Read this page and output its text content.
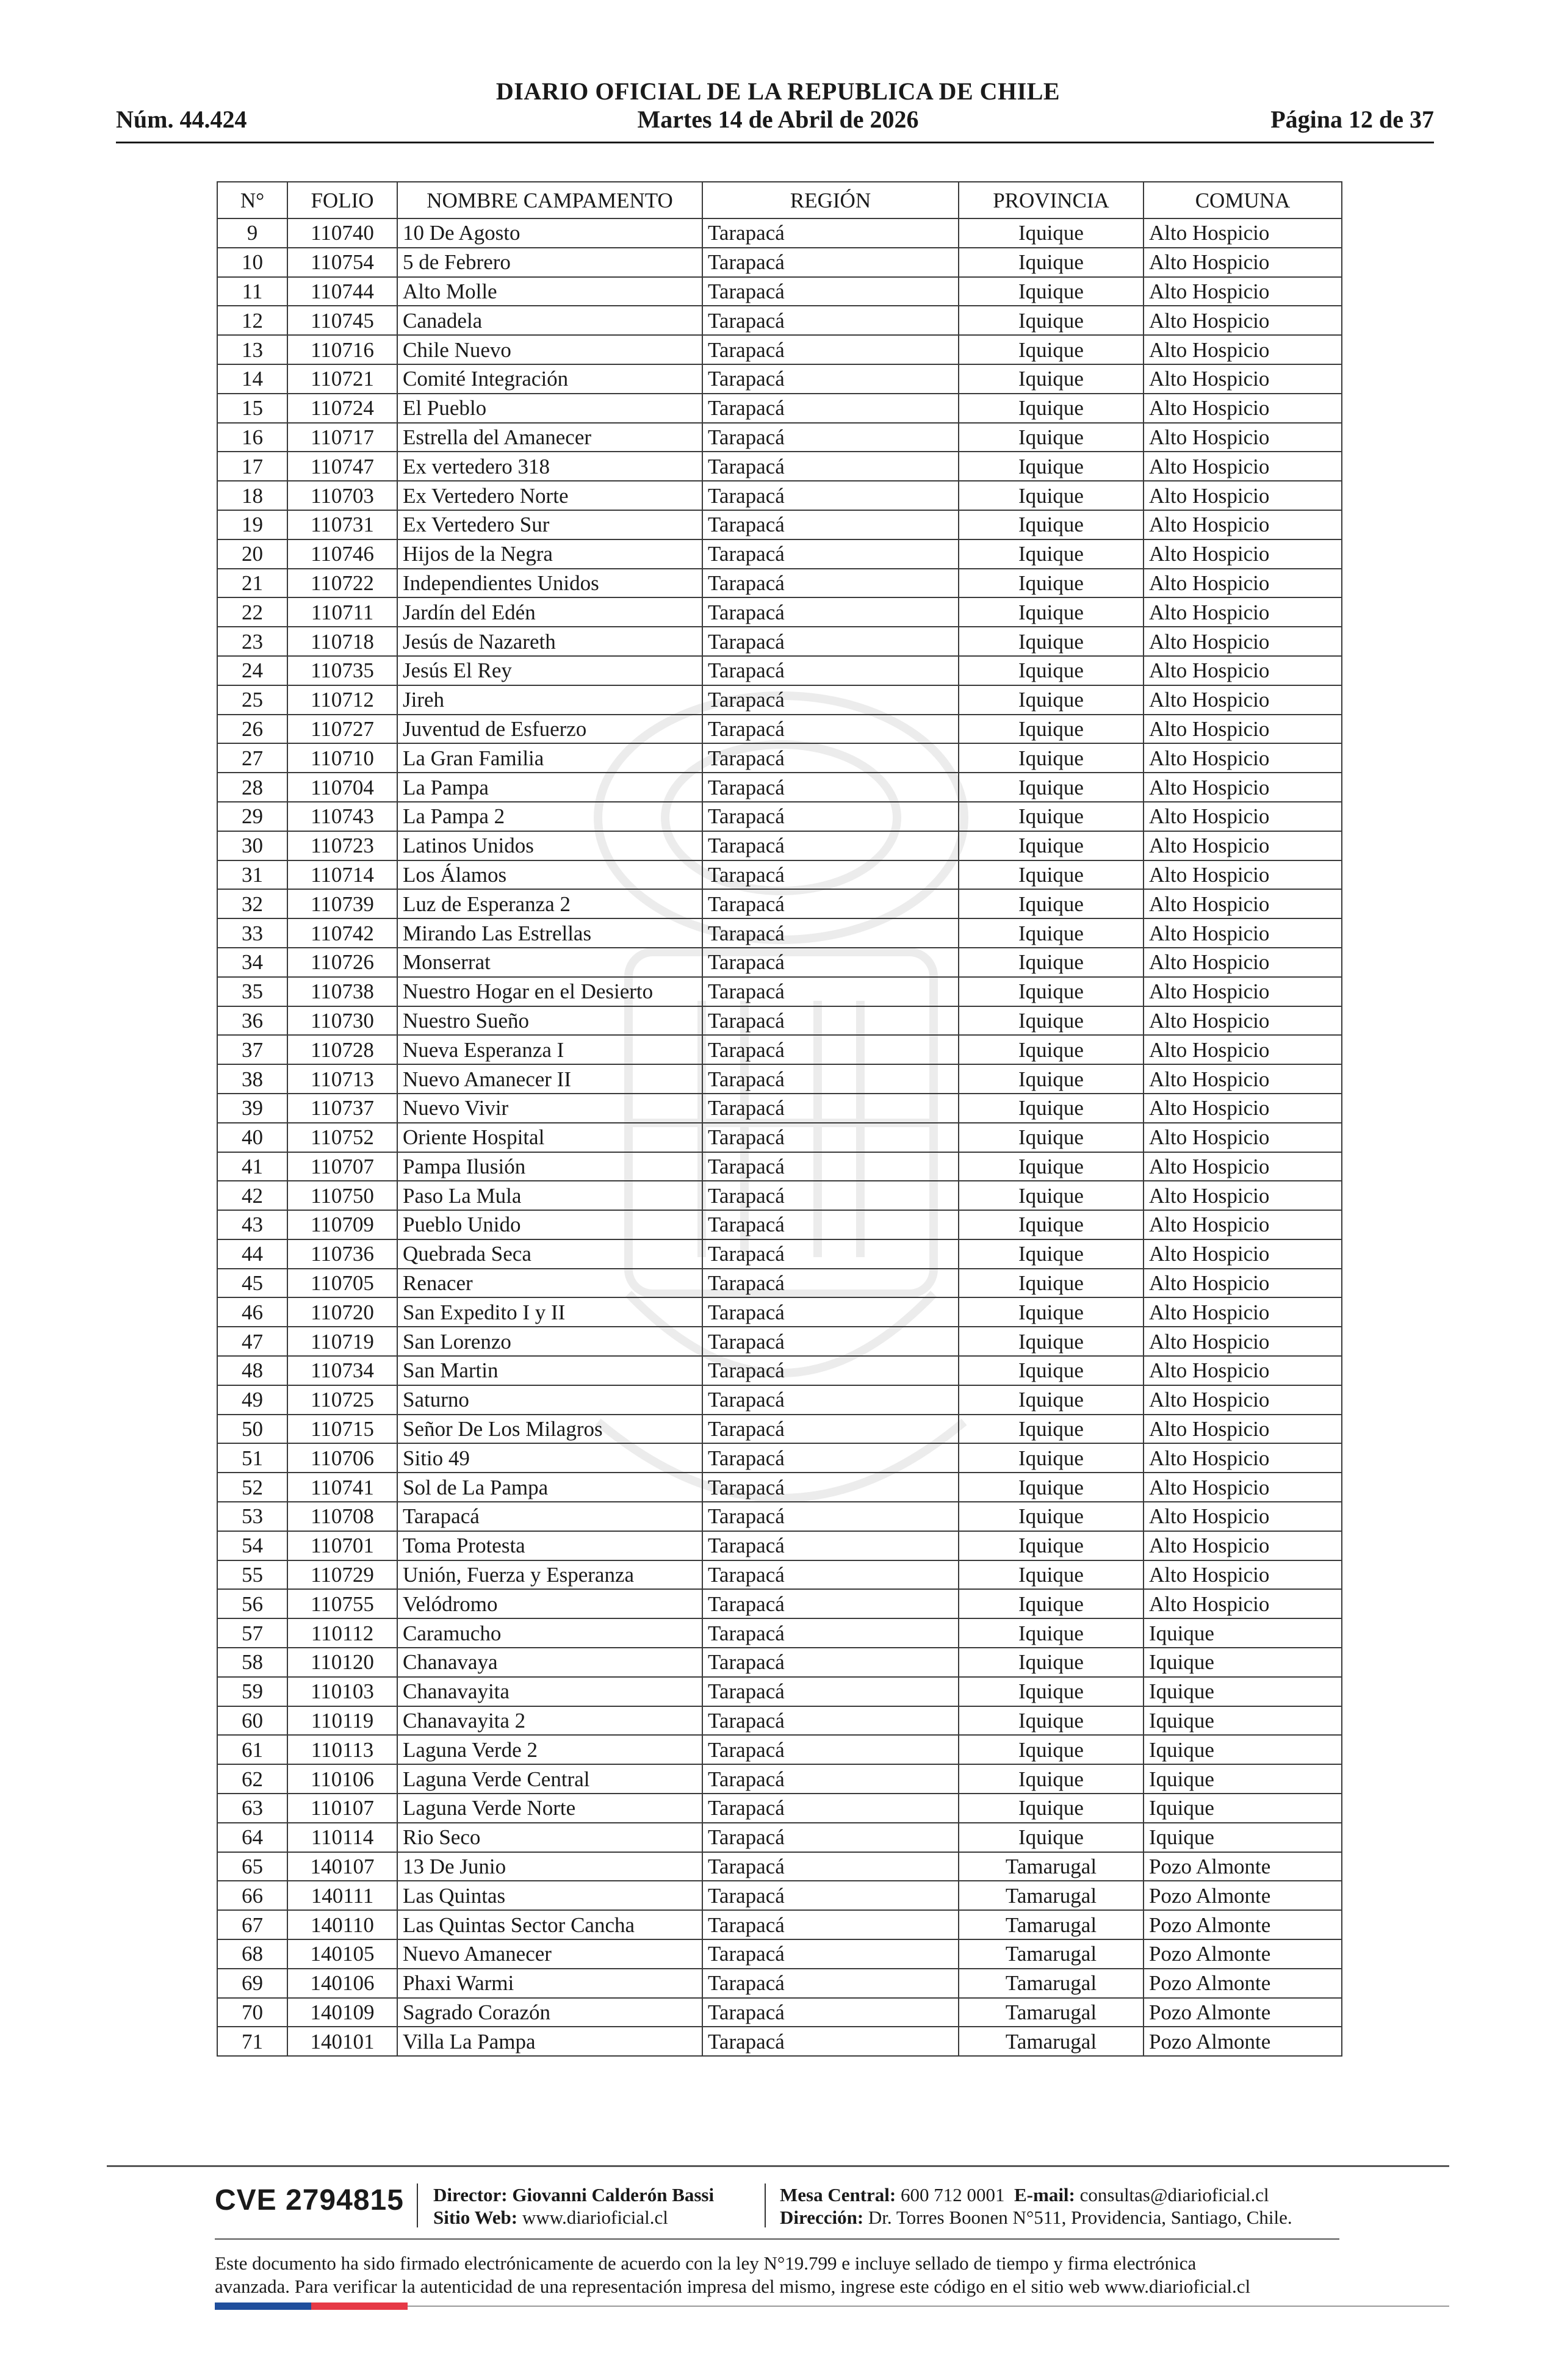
DIARIO OFICIAL DE LA REPUBLICA DE CHILE
Núm. 44.424	Martes 14 de Abril de 2026	Página 12 de 37
N°	FOLIO	NOMBRE CAMPAMENTO	REGIÓN	PROVINCIA	COMUNA
9	110740	10 De Agosto	Tarapacá	Iquique	Alto Hospicio
10	110754	5 de Febrero	Tarapacá	Iquique	Alto Hospicio
11	110744	Alto Molle	Tarapacá	Iquique	Alto Hospicio
12	110745	Canadela	Tarapacá	Iquique	Alto Hospicio
13	110716	Chile Nuevo	Tarapacá	Iquique	Alto Hospicio
14	110721	Comité Integración	Tarapacá	Iquique	Alto Hospicio
15	110724	El Pueblo	Tarapacá	Iquique	Alto Hospicio
16	110717	Estrella del Amanecer	Tarapacá	Iquique	Alto Hospicio
17	110747	Ex vertedero 318	Tarapacá	Iquique	Alto Hospicio
18	110703	Ex Vertedero Norte	Tarapacá	Iquique	Alto Hospicio
19	110731	Ex Vertedero Sur	Tarapacá	Iquique	Alto Hospicio
20	110746	Hijos de la Negra	Tarapacá	Iquique	Alto Hospicio
21	110722	Independientes Unidos	Tarapacá	Iquique	Alto Hospicio
22	110711	Jardín del Edén	Tarapacá	Iquique	Alto Hospicio
23	110718	Jesús de Nazareth	Tarapacá	Iquique	Alto Hospicio
24	110735	Jesús El Rey	Tarapacá	Iquique	Alto Hospicio
25	110712	Jireh	Tarapacá	Iquique	Alto Hospicio
26	110727	Juventud de Esfuerzo	Tarapacá	Iquique	Alto Hospicio
27	110710	La Gran Familia	Tarapacá	Iquique	Alto Hospicio
28	110704	La Pampa	Tarapacá	Iquique	Alto Hospicio
29	110743	La Pampa 2	Tarapacá	Iquique	Alto Hospicio
30	110723	Latinos Unidos	Tarapacá	Iquique	Alto Hospicio
31	110714	Los Álamos	Tarapacá	Iquique	Alto Hospicio
32	110739	Luz de Esperanza 2	Tarapacá	Iquique	Alto Hospicio
33	110742	Mirando Las Estrellas	Tarapacá	Iquique	Alto Hospicio
34	110726	Monserrat	Tarapacá	Iquique	Alto Hospicio
35	110738	Nuestro Hogar en el Desierto	Tarapacá	Iquique	Alto Hospicio
36	110730	Nuestro Sueño	Tarapacá	Iquique	Alto Hospicio
37	110728	Nueva Esperanza I	Tarapacá	Iquique	Alto Hospicio
38	110713	Nuevo Amanecer II	Tarapacá	Iquique	Alto Hospicio
39	110737	Nuevo Vivir	Tarapacá	Iquique	Alto Hospicio
40	110752	Oriente Hospital	Tarapacá	Iquique	Alto Hospicio
41	110707	Pampa Ilusión	Tarapacá	Iquique	Alto Hospicio
42	110750	Paso La Mula	Tarapacá	Iquique	Alto Hospicio
43	110709	Pueblo Unido	Tarapacá	Iquique	Alto Hospicio
44	110736	Quebrada Seca	Tarapacá	Iquique	Alto Hospicio
45	110705	Renacer	Tarapacá	Iquique	Alto Hospicio
46	110720	San Expedito I y II	Tarapacá	Iquique	Alto Hospicio
47	110719	San Lorenzo	Tarapacá	Iquique	Alto Hospicio
48	110734	San Martin	Tarapacá	Iquique	Alto Hospicio
49	110725	Saturno	Tarapacá	Iquique	Alto Hospicio
50	110715	Señor De Los Milagros	Tarapacá	Iquique	Alto Hospicio
51	110706	Sitio 49	Tarapacá	Iquique	Alto Hospicio
52	110741	Sol de La Pampa	Tarapacá	Iquique	Alto Hospicio
53	110708	Tarapacá	Tarapacá	Iquique	Alto Hospicio
54	110701	Toma Protesta	Tarapacá	Iquique	Alto Hospicio
55	110729	Unión, Fuerza y Esperanza	Tarapacá	Iquique	Alto Hospicio
56	110755	Velódromo	Tarapacá	Iquique	Alto Hospicio
57	110112	Caramucho	Tarapacá	Iquique	Iquique
58	110120	Chanavaya	Tarapacá	Iquique	Iquique
59	110103	Chanavayita	Tarapacá	Iquique	Iquique
60	110119	Chanavayita 2	Tarapacá	Iquique	Iquique
61	110113	Laguna Verde 2	Tarapacá	Iquique	Iquique
62	110106	Laguna Verde Central	Tarapacá	Iquique	Iquique
63	110107	Laguna Verde Norte	Tarapacá	Iquique	Iquique
64	110114	Rio Seco	Tarapacá	Iquique	Iquique
65	140107	13 De Junio	Tarapacá	Tamarugal	Pozo Almonte
66	140111	Las Quintas	Tarapacá	Tamarugal	Pozo Almonte
67	140110	Las Quintas Sector Cancha	Tarapacá	Tamarugal	Pozo Almonte
68	140105	Nuevo Amanecer	Tarapacá	Tamarugal	Pozo Almonte
69	140106	Phaxi Warmi	Tarapacá	Tamarugal	Pozo Almonte
70	140109	Sagrado Corazón	Tarapacá	Tamarugal	Pozo Almonte
71	140101	Villa La Pampa	Tarapacá	Tamarugal	Pozo Almonte
CVE 2794815 Director: Giovanni Calderón Bassi
Sitio Web: www.diarioficial.cl
Mesa Central: 600 712 0001 E-mail: consultas@diarioficial.cl
Dirección: Dr. Torres Boonen N°511, Providencia, Santiago, Chile.
Este documento ha sido firmado electrónicamente de acuerdo con la ley N°19.799 e incluye sellado de tiempo y firma electrónica
avanzada. Para verificar la autenticidad de una representación impresa del mismo, ingrese este código en el sitio web www.diarioficial.cl
